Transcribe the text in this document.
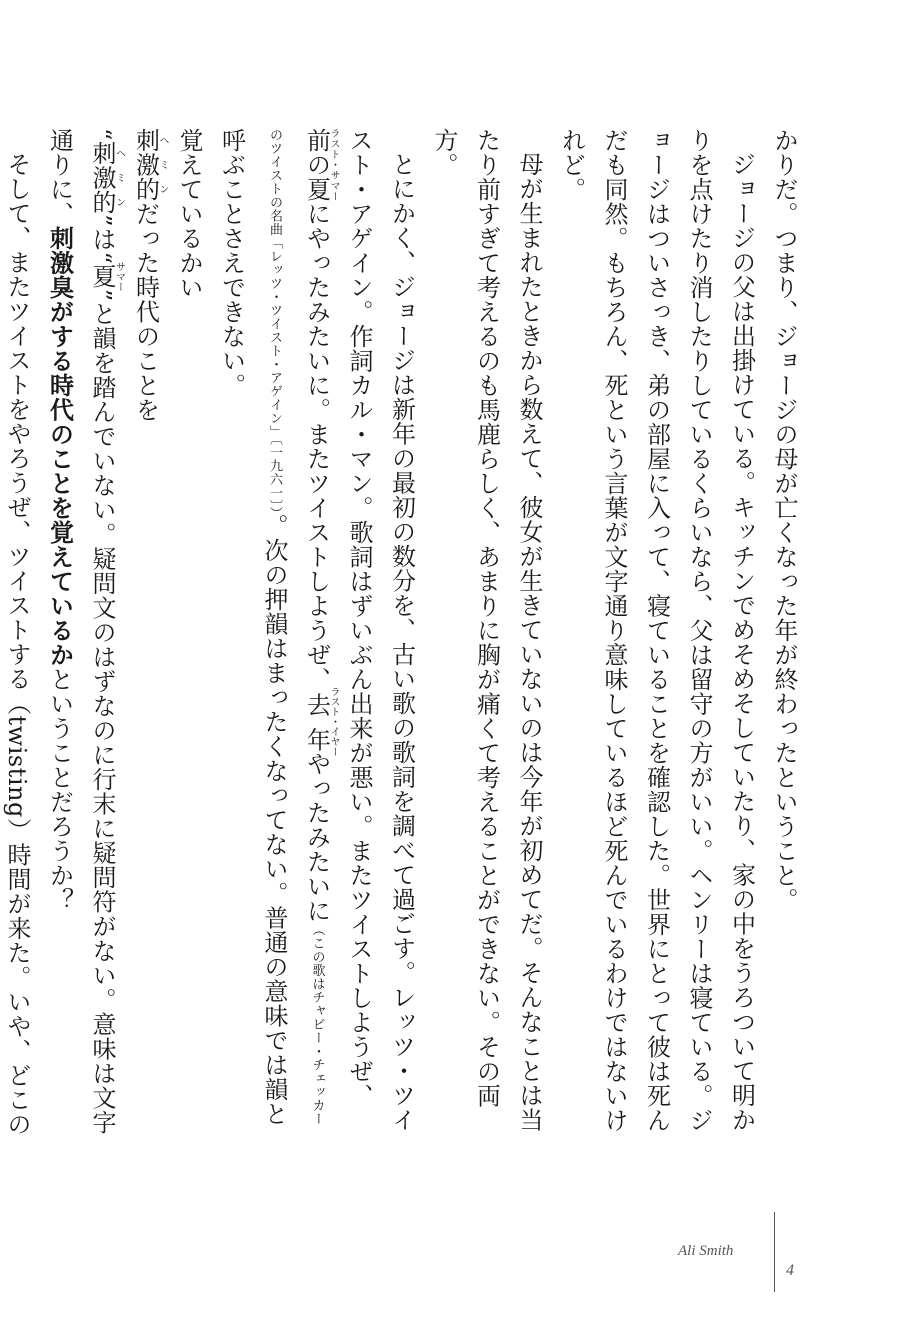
かりだ。つまり、ジョージの母が亡くなった年が終わったということ。

ジョージの父は出掛けている。キッチンでめそめそしていたり、家の中をうろついて明かりを点けたり消したりしているくらいなら、父は留守の方がいい。ヘンリーは寝ている。ジョージはついさっき、弟の部屋に入って、寝ていることを確認した。世界にとって彼は死んだも同然。もちろん、死という言葉が文字通り意味しているほど死んでいるわけではないけれど。

母が生まれたときから数えて、彼女が生きていないのは今年が初めてだ。そんなことは当たり前すぎて考えるのも馬鹿らしく、あまりに胸が痛くて考えることができない。その両方。

とにかく、ジョージは新年の最初の数分を、古い歌の歌詞を調べて過ごす。レッツ・ツイスト・アゲイン。作詞カル・マン。歌詞はずいぶん出来が悪い。またツイストしようぜ、前の夏ラスト・サマーにやったみたいに。またツイストしようぜ、去年ラスト・イヤーやったみたいに（この歌はチャビー・チェッカーのツイストの名曲「レッツ・ツイスト・アゲイン」〔一九六一〕）。次の押韻はまったくなってない。普通の意味では韻と呼ぶことさえできない。

覚えているかい

刺激的ヘミンだった時代のことを

“刺激的ヘミン”は“夏サマー”と韻を踏んでいない。疑問文のはずなのに行末に疑問符がない。意味は文字通りに、刺激臭がする時代のことを覚えているかということだろうか？

そして、またツイストをやろうぜ、ツイストする（twisting）時間が来た。いや、どこの

Ali Smith
4
